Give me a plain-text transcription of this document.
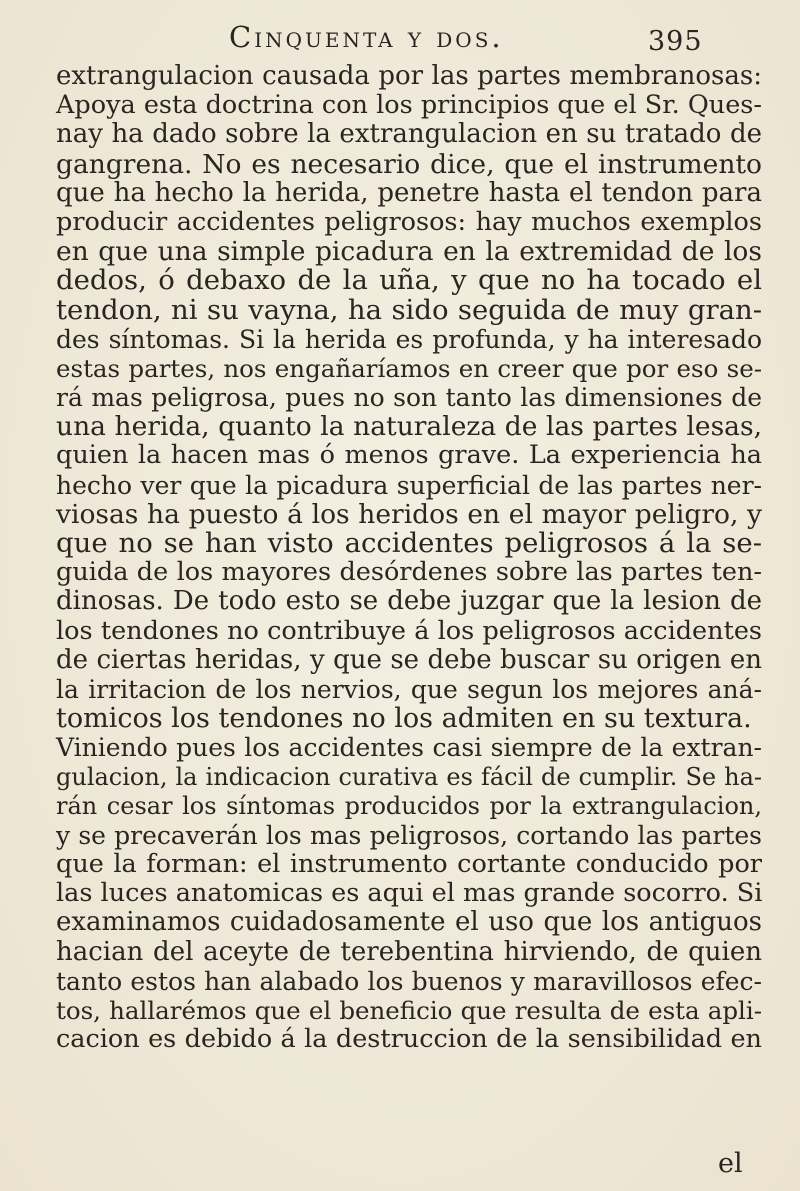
Cinquenta y dos.	395
extrangulacion causada por las partes membranosas:
Apoya esta doctrina con los principios que el Sr. Ques-
nay ha dado sobre la extrangulacion en su tratado de
gangrena. No es necesario dice, que el instrumento
que ha hecho la herida, penetre hasta el tendon para
producir accidentes peligrosos: hay muchos exemplos
en que una simple picadura en la extremidad de los
dedos, ó debaxo de la uña, y que no ha tocado el
tendon, ni su vayna, ha sido seguida de muy gran-
des síntomas. Si la herida es profunda, y ha interesado
estas partes, nos engañaríamos en creer que por eso se-
rá mas peligrosa, pues no son tanto las dimensiones de
una herida, quanto la naturaleza de las partes lesas,
quien la hacen mas ó menos grave. La experiencia ha
hecho ver que la picadura superficial de las partes ner-
viosas ha puesto á los heridos en el mayor peligro, y
que no se han visto accidentes peligrosos á la se-
guida de los mayores desórdenes sobre las partes ten-
dinosas. De todo esto se debe juzgar que la lesion de
los tendones no contribuye á los peligrosos accidentes
de ciertas heridas, y que se debe buscar su origen en
la irritacion de los nervios, que segun los mejores aná-
tomicos los tendones no los admiten en su textura.
Viniendo pues los accidentes casi siempre de la extran-
gulacion, la indicacion curativa es fácil de cumplir. Se ha-
rán cesar los síntomas producidos por la extrangulacion,
y se precaverán los mas peligrosos, cortando las partes
que la forman: el instrumento cortante conducido por
las luces anatomicas es aqui el mas grande socorro. Si
examinamos cuidadosamente el uso que los antiguos
hacian del aceyte de terebentina hirviendo, de quien
tanto estos han alabado los buenos y maravillosos efec-
tos, hallarémos que el beneficio que resulta de esta apli-
cacion es debido á la destruccion de la sensibilidad en
el
